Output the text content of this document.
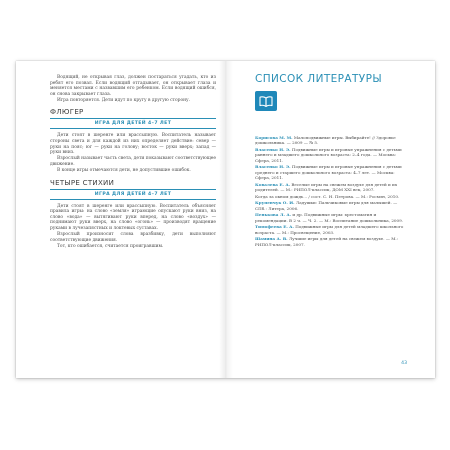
Водящий, не открывая глаз, должен постараться угадать, кто из ребят его позвал. Если водящий отгадывает, он открывает глаза и меняется местами с назвавшим его ребенком. Если водящий ошибся, он снова закрывает глаза.

Игра повторяется. Дети идут по кругу в другую сторону.

ФЛЮГЕР
ИГРА ДЛЯ ДЕТЕЙ 4–7 ЛЕТ

Дети стоят в шеренге или врассыпную. Воспитатель называет стороны света и для каждой из них определяет действие: север — руки на пояс; юг — руки на голову; восток — руки вверх; запад — руки вниз.

Взрослый называет часть света, дети показывают соответствующее движение.

В конце игры отмечаются дети, не допустившие ошибок.

ЧЕТЫРЕ СТИХИИ
ИГРА ДЛЯ ДЕТЕЙ 4–7 ЛЕТ

Дети стоят в шеренге или врассыпную. Воспитатель объясняет правила игры: на слово «земля» играющие опускают руки вниз, на слово «вода» — вытягивают руки вперед, на слово «воздух» — поднимают руки вверх, на слово «огонь» — производят вращение руками в лучезапястных и локтевых суставах.

Взрослый произносит слова вразбивку, дети выполняют соответствующие движения.

Тот, кто ошибается, считается проигравшим.

СПИСОК ЛИТЕРАТУРЫ

Борисова М. М. Малоподвижные игры. Выбирайте! // Здоровье дошкольника. — 2009 — № 5.

Власенко Н. Э. Подвижные игры и игровые упражнения с детьми раннего и младшего дошкольного возраста: 2–4 года. — Москва: Сфера, 2011.

Власенко Н. Э. Подвижные игры и игровые упражнения с детьми среднего и старшего дошкольного возраста: 4–7 лет. — Москва: Сфера, 2011.

Ковалева Е. А. Веселые игры на свежем воздухе для детей и их родителей. — М.: РИПОЛ-классик, ДОМ XXI век, 2007.

Когда за окном дождь... / сост. С. Н. Петрова. — М.: Росмэн, 2010.

Крупенчук О. И. Ладушки: Пальчиковые игры для малышей. — СПб.: Литера, 2006.

Пенькова Л. А. и др. Подвижные игры: хрестоматия и рекомендации. В 2 ч. — Ч. 2. — М.: Воспитание дошкольника, 2009.

Тимофеева Е. А. Подвижные игры для детей младшего школьного возраста. — М.: Просвещение, 2003.

Шамина А. В. Лучшие игры для детей на свежем воздухе. — М.: РИПОЛ-классик, 2007.

43
